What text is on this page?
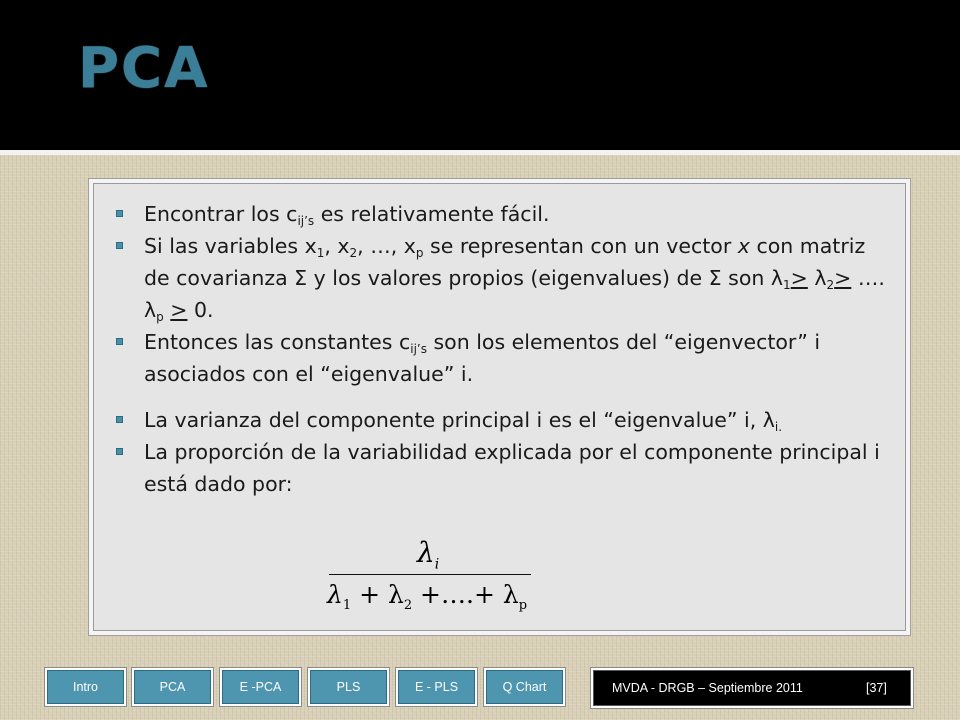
PCA
Encontrar los $c_{ij’s}$ es relativamente fácil.
Si las variables $x_1$, $x_2$, …, $x_p$ se representan con un vector x con matriz de covarianza Σ y los valores propios (eigenvalues) de Σ son $\lambda_1> \lambda_2>$ …. $\lambda_p > 0$.
Entonces las constantes $c_{ij’s}$ son los elementos del “eigenvector” i asociados con el “eigenvalue” i.
La varianza del componente principal i es el “eigenvalue” i, $\lambda_{i.}$
La proporción de la variabilidad explicada por el componente principal i está dado por:
$\lambda_i$
$\lambda_1 + \lambda_2$ +….+ $\lambda_p$
Intro	PCA	E -PCA	PLS	E - PLS	Q Chart	MVDA - DRGB – Septiembre 2011	[37]
